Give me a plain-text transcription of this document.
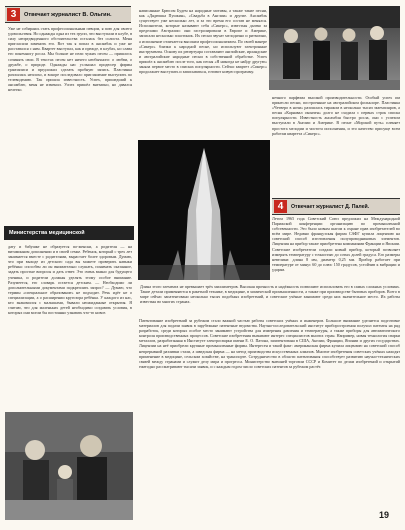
3	Отвечает журналист В. Ольгин.
Уже не собираясь стать профессиональным певцом, я пою для своего удовольствия. Но однажды одна из тех групп, что выступали в клубе, в силу непредвиденного обстоятельства осталась без солиста. Меня пригласили заменить его. Вот так я попал в ансамбль и уже не расставался с ним. Квартет выступал, как и прежде, в клубах, но слава его понемногу росла. Мы больше не пели чужих песен — пришлось сочинять свои. В текстах песен нет ничего необычного: о любви, о дружбе, о природе. Однажды нас услышал продюсер фирмы грамзаписи и предложил сделать пробную запись. Пластинка разошлась неплохо, и вскоре последовало приглашение выступить по телевидению. Так пришла известность. Успех, пришедший к ансамблю, меня не изменил. Успех пришёл внезапно, но давался нелегко.
написанные Брюсом Будем на народные мотивы, а также такие песни, как «Дядюшка Пушкин», «Свадьба в Англии» и другие. Ансамбль существует уже несколько лет, и за это время его состав не менялся. Исполнители, которые называют себя «Сикерс», известны далеко за пределами Австралии: они гастролировали в Европе и Америке, записали несколько пластинок. Их песни звучат мелодично и ритмично, а исполнение отличается высоким профессионализмом. По своей манере «Сикерс» близки к народной песне, но используют электронные инструменты. Основу их репертуара составляют английские, ирландские и австралийские народные песни в собственной обработке. Успех пришёл к ансамблю после того, как песня «Я никогда не найду другую» заняла первое место в списках популярности. Сейчас квартет «Сикерс» продолжает выступать и записываться, готовит новую программу.
нечного парфюма высокой производительности. Особый успех им принесли песни, построенные на австралийском фольклоре. Пластинка «Четверо в ночи» разошлась тиражом в несколько тысяч экземпляров, а песня «Карнавал окончен» долго не сходила с первых строк списка популярности. Известность ансамбля быстро росла, они с успехом выступали в Англии и Америке. В песне «Морской путь» пленяет простота мелодии и чистота исполнения, и это качество присуще всем работам квартета «Сикерс».
Министерства медицинской
дату и бабушке не образуется по-женски, а родителя — на витаминном дополнении и в своей семье. Ребенок, который с трех лет занимается вместе с родителями, вырастает более здоровым. Думаю, что при выходе из детского сада вы можете проверить навыки ребёнка: способен ли он внимательно слушать, понимать сказанное, задать простые вопросы и дать ответ. Это очень важно для будущего ученика, и родители должны уделять этому особое внимание. Разумеется, его словарь остается детским. — Необходимо ли дополнительными документами подкреплять запрос? — Думаю, что термин «специальное образование» не подходит. Речь идёт не о специализации, а о расширении кругозора ребёнка. У каждого из нас, кто знакомился с малышами, бывали неожиданные открытия. Я считаю, что для маленьких детей необходимо создавать условия, в которых они могли бы постоянно узнавать что-то новое.
4	Отвечает журналист Д. Палей.
Летом 1965 года Советский Союз предложил на Международной Парижской конференции организацию по промышленной собственности. Это было новым шагом к охране прав изобретателей во всём мире. Недавно французская фирма САФГ купила лицензию на советский способ изготовления полупроводниковых элементов. Лицензия на прибор также приобретена компаниями Франции и Японии. Советские изобретатели создали новый прибор, который позволяет измерять температуру с точностью до сотых долей градуса. Его размеры невелики: длина 8 мм, диаметр 0,25 мм. Прибор работает при температуре от минус 60 до плюс 150 градусов, устойчив к вибрации и ударам.
Длина этого элемента не превышает трёх миллиметров. Высокая прочность и надёжность позволяют использовать его в самых сложных условиях. Такие детали применяются в ракетной технике, в медицине, в химической промышленности, а также при производстве бытовых приборов. Всего в мире сейчас запатентовано несколько тысяч подобных изобретений, и советские учёные занимают среди них значительное место. Их работы известны во многих странах.
Патентование изобретений за рубежом стало важной частью работы советских учёных и инженеров. Большое внимание уделяется подготовке материалов для подачи заявок в зарубежные патентные ведомства. Научно-исследовательский институт приборостроения получил патенты на ряд разработок, среди которых особое место занимают устройства для измерения давления и температуры, а также приборы для автоматического контроля производственных процессов. Советские изобретения вызывают интерес специалистов многих стран. Например, новая технология сварки металлов, разработанная в Институте электросварки имени Е. О. Патона, запатентована в США, Англии, Франции, Японии и других государствах. Лицензии на неё приобрели крупные промышленные фирмы. Интересен и такой факт: американская фирма купила лицензию на советский способ непрерывной разливки стали, а шведская фирма — на метод производства искусственных алмазов. Многие изобретения советских учёных находят применение в медицине, сельском хозяйстве, на транспорте. Сотрудничество в области патентования способствует развитию научно-технических связей между странами и служит делу мира и прогресса. Министерство внешней торговли СССР и Комитет по делам изобретений и открытий ежегодно рассматривают тысячи заявок, и с каждым годом число советских патентов за рубежом растёт.
19
